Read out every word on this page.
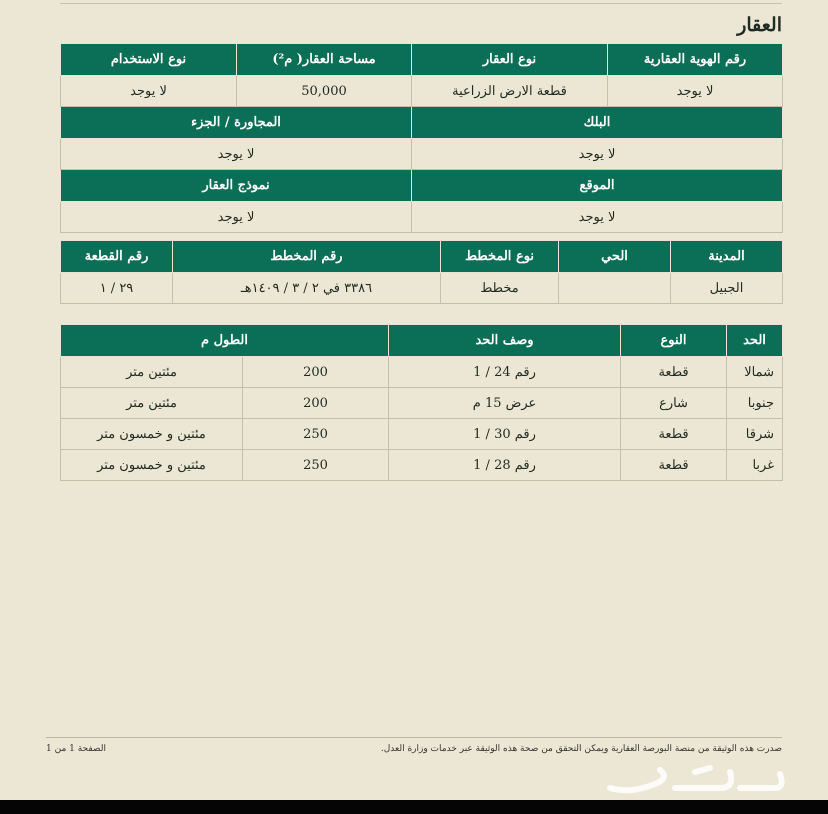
العقار
رقم الهوية العقارية	نوع العقار	مساحة العقار( م²)	نوع الاستخدام
لا يوجد	قطعة الارض الزراعية	50,000	لا يوجد
البلك		المجاورة / الجزء	
لا يوجد		لا يوجد	
الموقع		نموذج العقار	
لا يوجد		لا يوجد	
المدينة	الحي	نوع المخطط	رقم المخطط	رقم القطعة
الجبيل		مخطط	٣٣٨٦ في ٢ / ٣ / ١٤٠٩هـ	٢٩ / ١
الحد	النوع	وصف الحد	الطول م	
شمالا	قطعة	رقم 24 / 1	200	مئتين متر
جنوبا	شارع	عرض 15 م	200	مئتين متر
شرقا	قطعة	رقم 30 / 1	250	مئتين و خمسون متر
غربا	قطعة	رقم 28 / 1	250	مئتين و خمسون متر
صدرت هذه الوثيقة من منصة البورصة العقارية ويمكن التحقق من صحة هذه الوثيقة عبر خدمات وزارة العدل.
الصفحة 1 من 1
